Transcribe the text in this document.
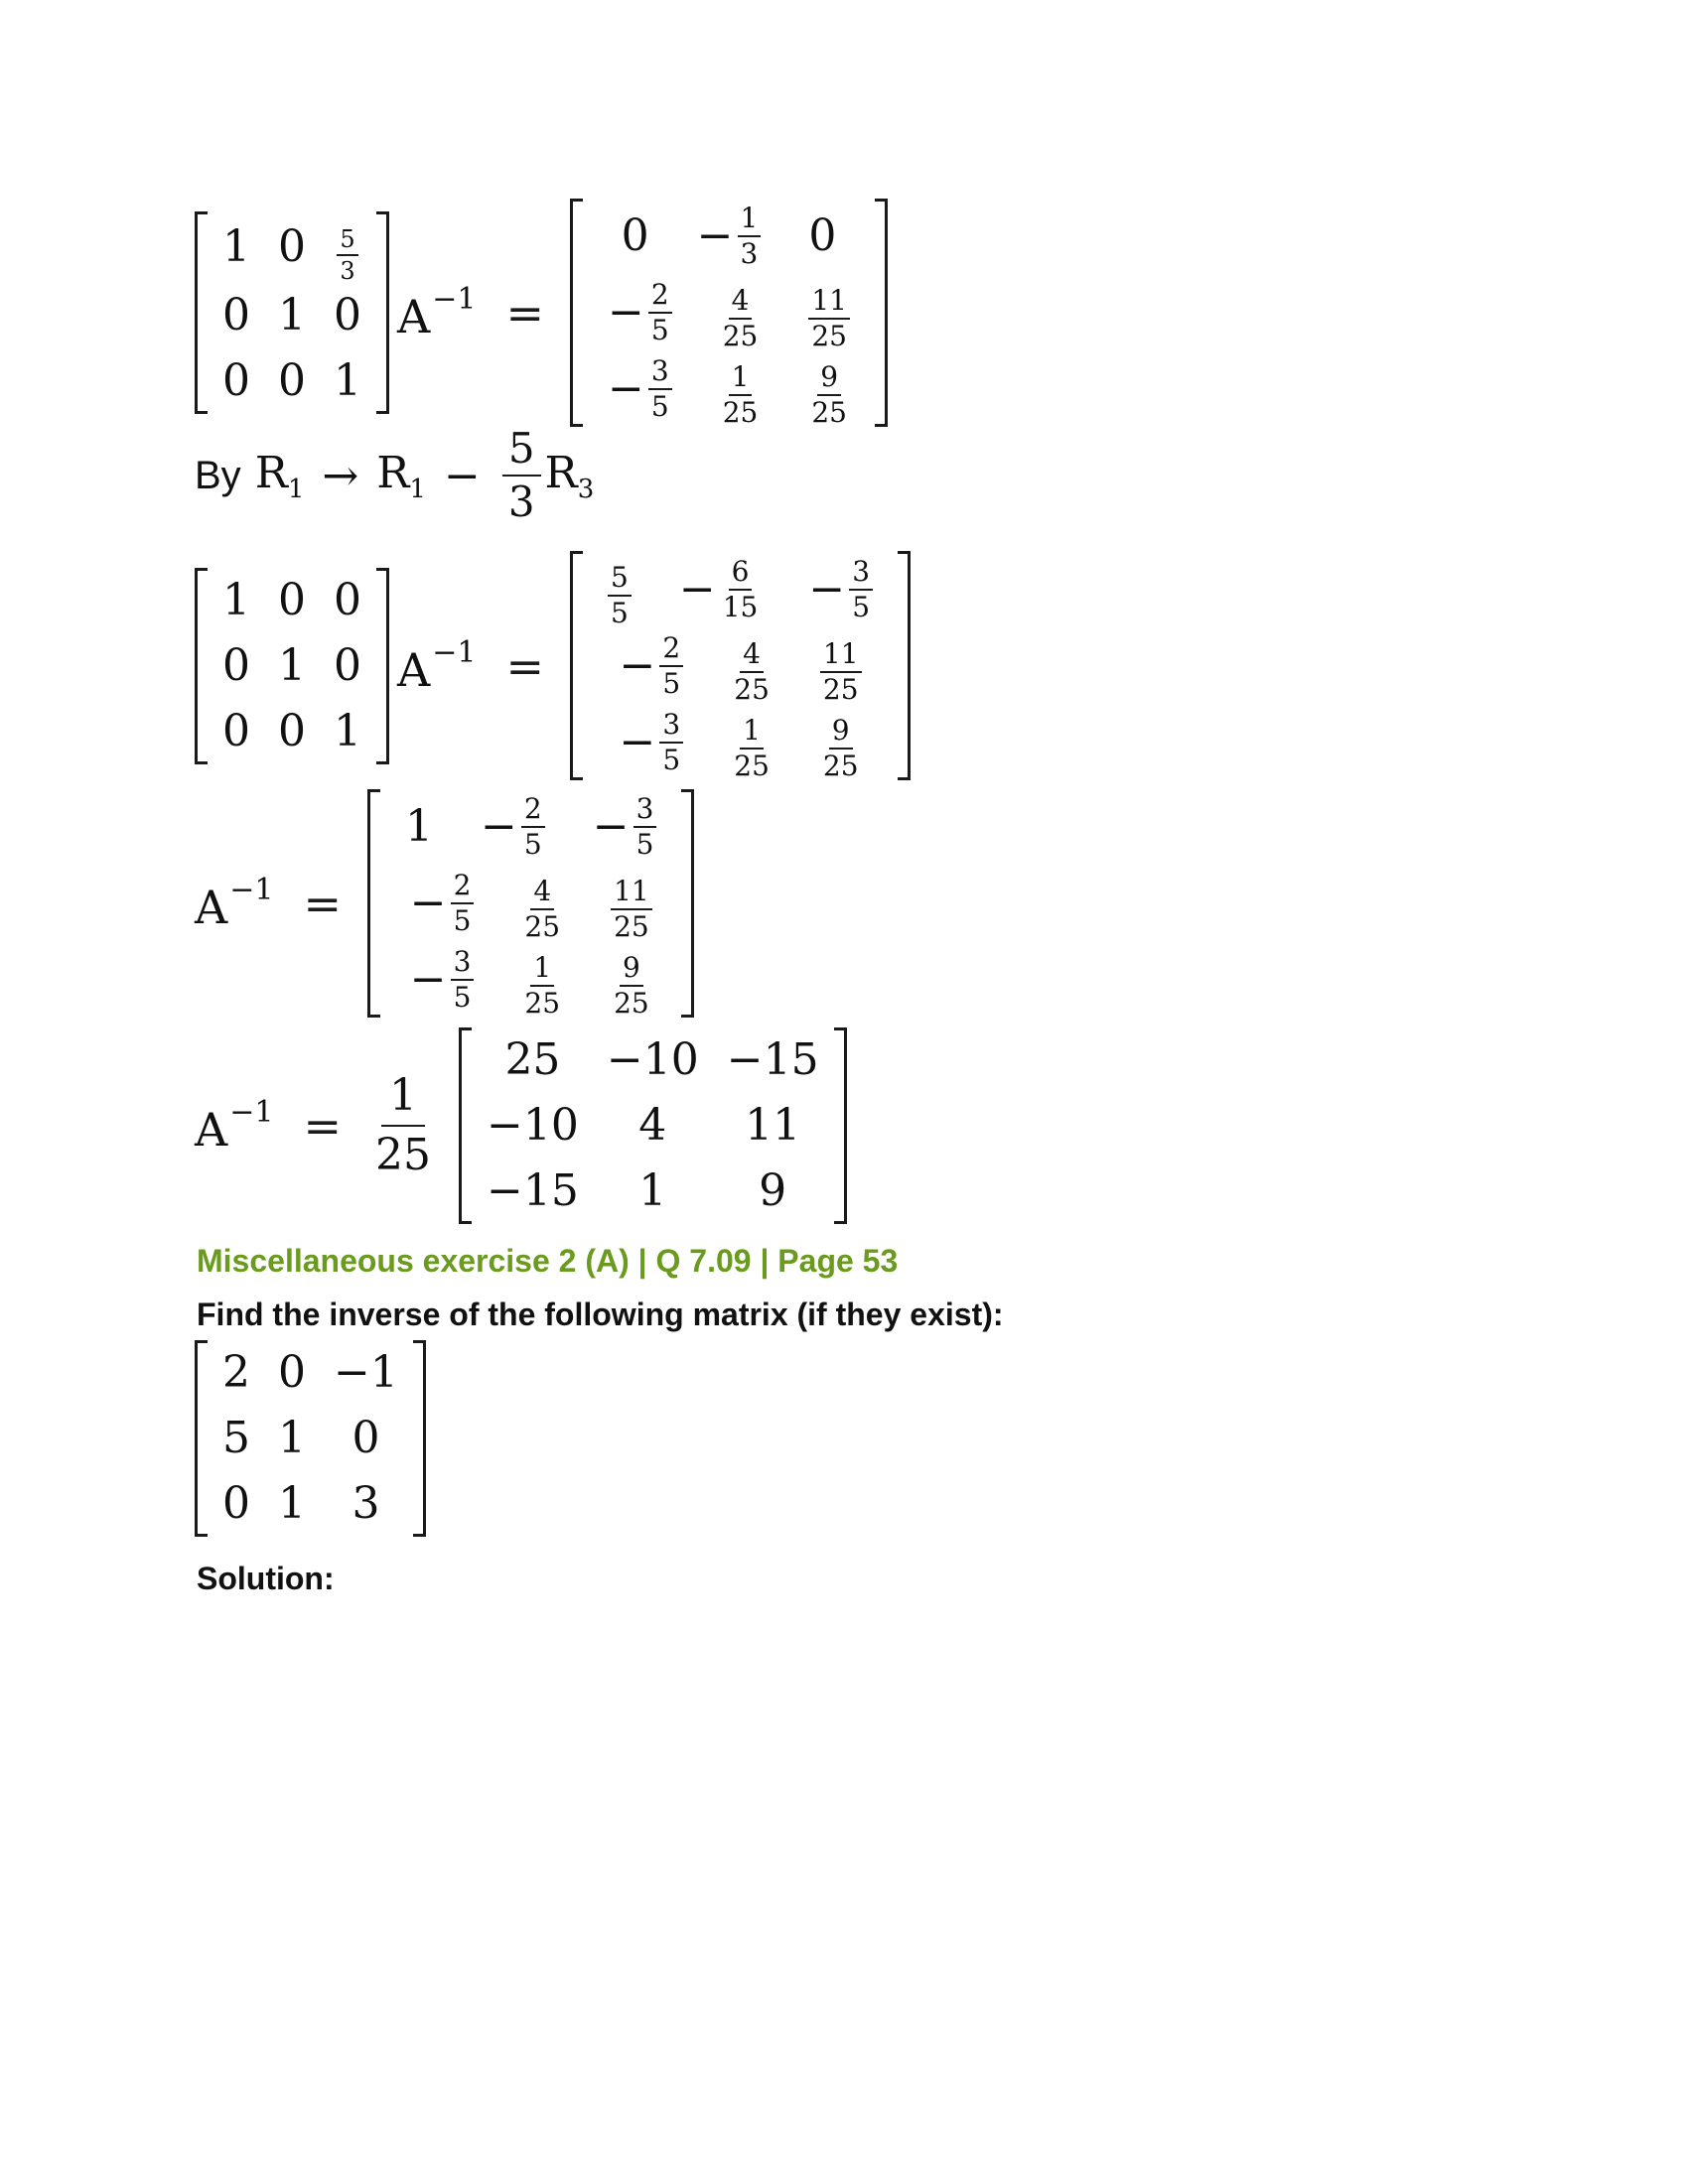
1	0	$\frac{5}{3}$

0	1	0
0	0	1
$A^{-1}$ =
0	− $\frac{1}{3}$	0
− $\frac{2}{5}$	$\frac{4}{25}$	$\frac{11}{25}$
− $\frac{3}{5}$	$\frac{1}{25}$	$\frac{9}{25}$
By $R_1 \to R_1 - \frac{5}{3} R_3$
1	0	0
0	1	0
0	0	1
$A^{-1}$ =
$\frac{5}{5}$	− $\frac{6}{15}$	− $\frac{3}{5}$
− $\frac{2}{5}$	$\frac{4}{25}$	$\frac{11}{25}$
− $\frac{3}{5}$	$\frac{1}{25}$	$\frac{9}{25}$
$A^{-1}$ =
1	− $\frac{2}{5}$	− $\frac{3}{5}$
− $\frac{2}{5}$	$\frac{4}{25}$	$\frac{11}{25}$
− $\frac{3}{5}$	$\frac{1}{25}$	$\frac{9}{25}$
$A^{-1} = \frac{1}{25}$
25	−10	−15
−10	4	11
−15	1	9
Miscellaneous exercise 2 (A) | Q 7.09 | Page 53
Find the inverse of the following matrix (if they exist):
2	0	−1
5	1	0
0	1	3
Solution:
